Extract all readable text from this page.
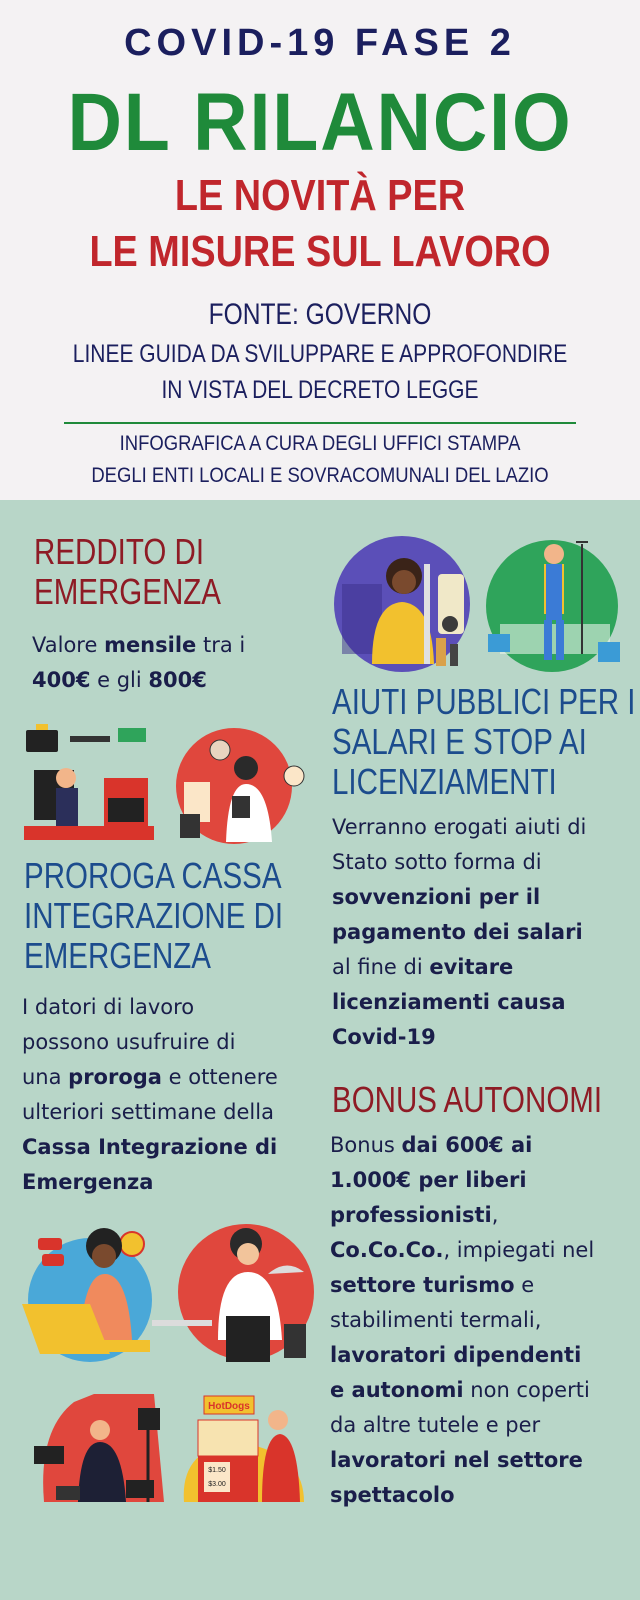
COVID-19 FASE 2
DL RILANCIO
LE NOVITÀ PER
LE MISURE SUL LAVORO
FONTE: GOVERNO
LINEE GUIDA DA SVILUPPARE E APPROFONDIRE
IN VISTA DEL DECRETO LEGGE
INFOGRAFICA A CURA DEGLI UFFICI STAMPA
DEGLI ENTI LOCALI E SOVRACOMUNALI DEL LAZIO
REDDITO DI
EMERGENZA
Valore mensile tra i
400€ e gli 800€
AIUTI PUBBLICI PER I
SALARI E STOP AI
LICENZIAMENTI
Verranno erogati aiuti di
Stato sotto forma di
sovvenzioni per il
pagamento dei salari
al fine di evitare
licenziamenti causa
Covid-19
PROROGA CASSA
INTEGRAZIONE DI
EMERGENZA
I datori di lavoro
possono usufruire di
una proroga e ottenere
ulteriori settimane della
Cassa Integrazione di
Emergenza
BONUS AUTONOMI
Bonus dai 600€ ai
1.000€ per liberi
professionisti,
Co.Co.Co., impiegati nel
settore turismo e
stabilimenti termali,
lavoratori dipendenti
e autonomi non coperti
da altre tutele e per
lavoratori nel settore
spettacolo
HotDogs
$1.50
$3.00
